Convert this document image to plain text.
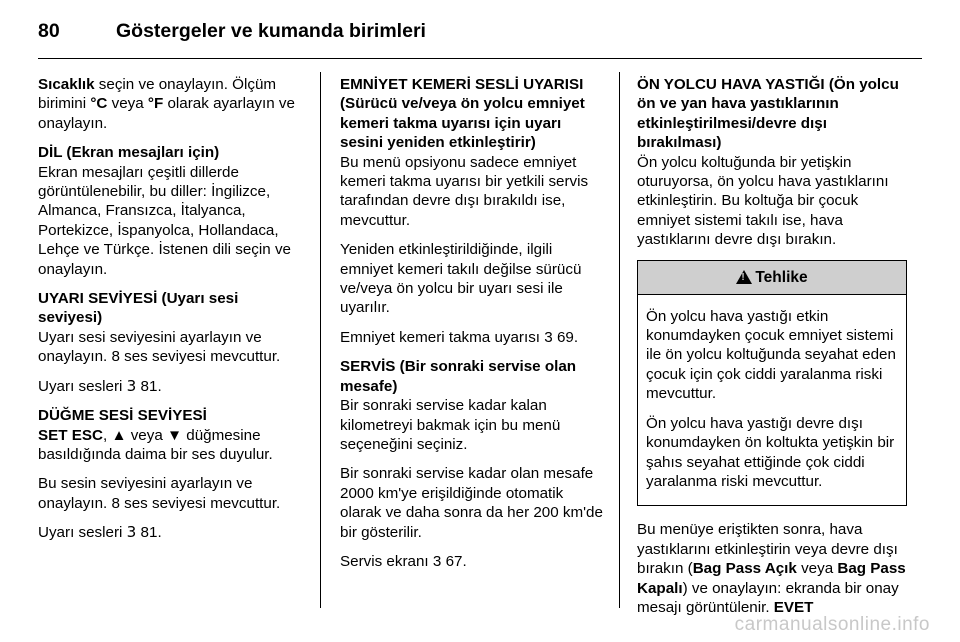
80	Göstergeler ve kumanda birimleri

Sıcaklık seçin ve onaylayın. Ölçüm birimini °C veya °F olarak ayarlayın ve onaylayın.

DİL (Ekran mesajları için)

Ekran mesajları çeşitli dillerde görüntülenebilir, bu diller: İngilizce, Almanca, Fransızca, İtalyanca, Portekizce, İspanyolca, Hollandaca, Lehçe ve Türkçe. İstenen dili seçin ve onaylayın.

UYARI SEVİYESİ (Uyarı sesi seviyesi)

Uyarı sesi seviyesini ayarlayın ve onaylayın. 8 ses seviyesi mevcuttur.

Uyarı sesleri 3 81.

DÜĞME SESİ SEVİYESİ

SET ESC, ▲ veya ▼ düğmesine basıldığında daima bir ses duyulur.

Bu sesin seviyesini ayarlayın ve onaylayın. 8 ses seviyesi mevcuttur.

Uyarı sesleri 3 81.

EMNİYET KEMERİ SESLİ UYARISI (Sürücü ve/veya ön yolcu emniyet kemeri takma uyarısı için uyarı sesini yeniden etkinleştirir)

Bu menü opsiyonu sadece emniyet kemeri takma uyarısı bir yetkili servis tarafından devre dışı bırakıldı ise, mevcuttur.

Yeniden etkinleştirildiğinde, ilgili emniyet kemeri takılı değilse sürücü ve/veya ön yolcu bir uyarı sesi ile uyarılır.

Emniyet kemeri takma uyarısı 3 69.

SERVİS (Bir sonraki servise olan mesafe)

Bir sonraki servise kadar kalan kilometreyi bakmak için bu menü seçeneğini seçiniz.

Bir sonraki servise kadar olan mesafe 2000 km'ye erişildiğinde otomatik olarak ve daha sonra da her 200 km'de bir gösterilir.

Servis ekranı 3 67.

ÖN YOLCU HAVA YASTIĞI (Ön yolcu ön ve yan hava yastıklarının etkinleştirilmesi/devre dışı bırakılması)

Ön yolcu koltuğunda bir yetişkin oturuyorsa, ön yolcu hava yastıklarını etkinleştirin. Bu koltuğa bir çocuk emniyet sistemi takılı ise, hava yastıklarını devre dışı bırakın.

!Tehlike

Ön yolcu hava yastığı etkin konumdayken çocuk emniyet sistemi ile ön yolcu koltuğunda seyahat eden çocuk için çok ciddi yaralanma riski mevcuttur.

Ön yolcu hava yastığı devre dışı konumdayken ön koltukta yetişkin bir şahıs seyahat ettiğinde çok ciddi yaralanma riski mevcuttur.

Bu menüye eriştikten sonra, hava yastıklarını etkinleştirin veya devre dışı bırakın (Bag Pass Açık veya Bag Pass Kapalı) ve onaylayın: ekranda bir onay mesajı görüntülenir. EVET

carmanualsonline.info
